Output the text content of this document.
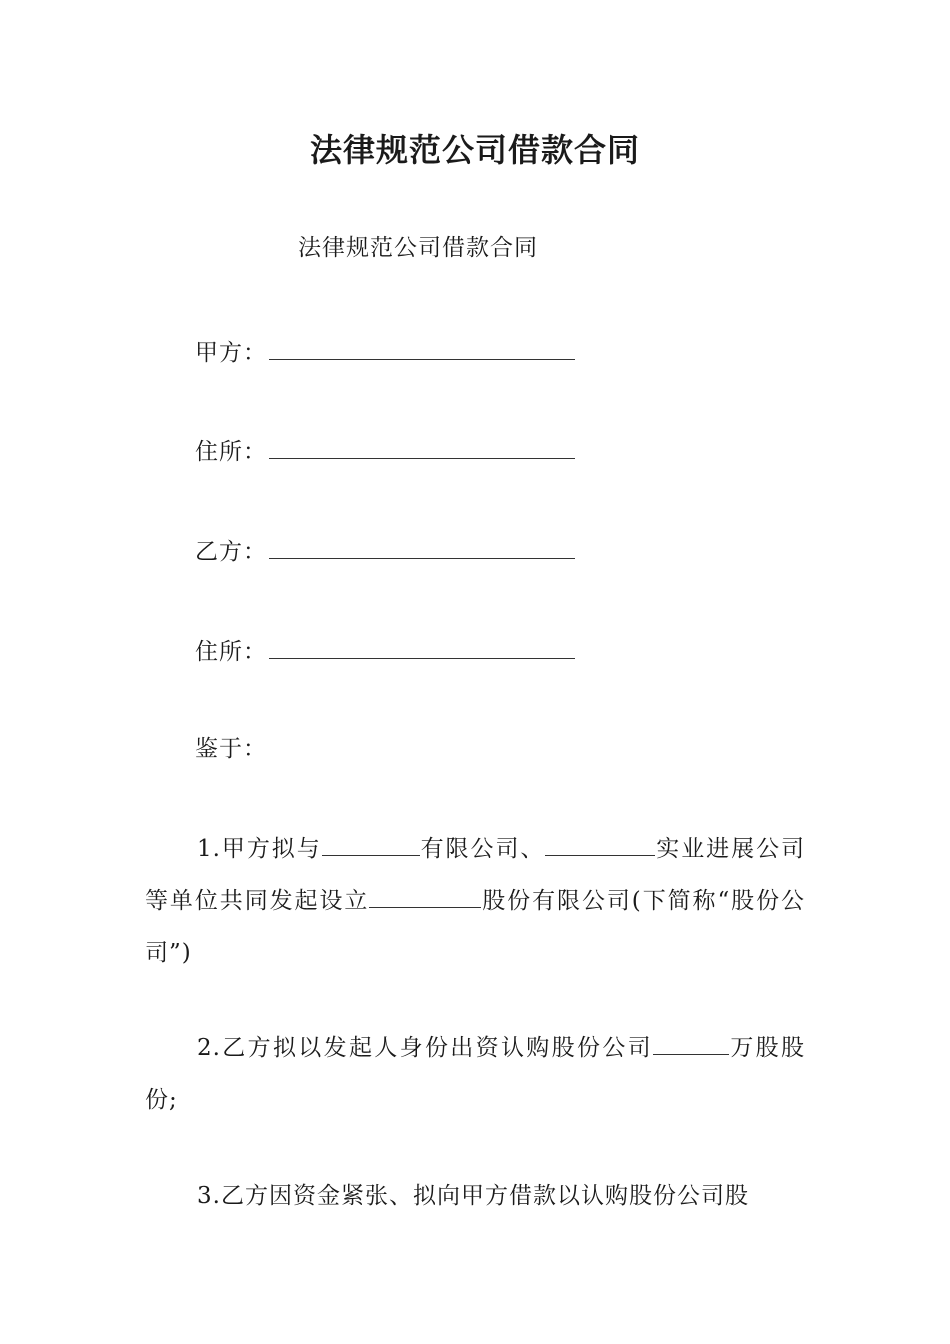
法律规范公司借款合同
法律规范公司借款合同
甲方：
住所：
乙方：
住所：
鉴于：
1.甲方拟与	有限公司、	实业进展公司等单位共同发起设立	股份有限公司(下简称“股份公司”)
2.乙方拟以发起人身份出资认购股份公司	万股股份;
3.乙方因资金紧张、拟向甲方借款以认购股份公司股
